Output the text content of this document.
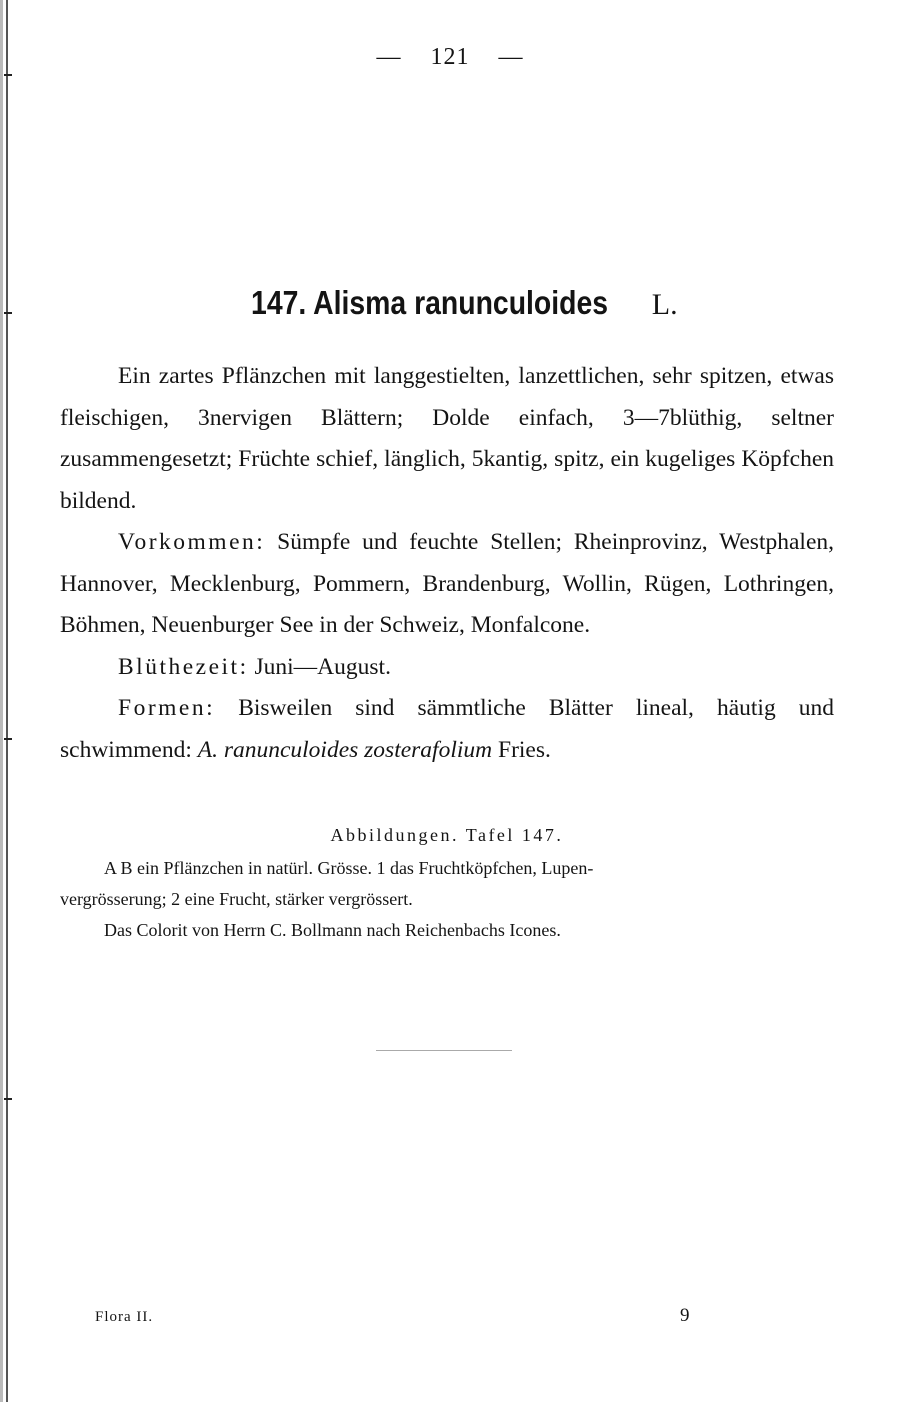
— 121 —
147. Alisma ranunculoides L.

Ein zartes Pflänzchen mit langgestielten, lanzettlichen, sehr spitzen, etwas fleischigen, 3nervigen Blättern; Dolde einfach, 3—7blüthig, seltner zusammengesetzt; Früchte schief, länglich, 5kantig, spitz, ein kugeliges Köpfchen bildend.

Vorkommen: Sümpfe und feuchte Stellen; Rheinprovinz, Westphalen, Hannover, Mecklenburg, Pommern, Brandenburg, Wollin, Rügen, Lothringen, Böhmen, Neuenburger See in der Schweiz, Monfalcone.

Blüthezeit: Juni—August.

Formen: Bisweilen sind sämmtliche Blätter lineal, häutig und schwimmend: A. ranunculoides zosterafolium Fries.

Abbildungen. Tafel 147.

A B ein Pflänzchen in natürl. Grösse. 1 das Fruchtköpfchen, Lupen-

vergrösserung; 2 eine Frucht, stärker vergrössert.

Das Colorit von Herrn C. Bollmann nach Reichenbachs Icones.

Flora II.	9
